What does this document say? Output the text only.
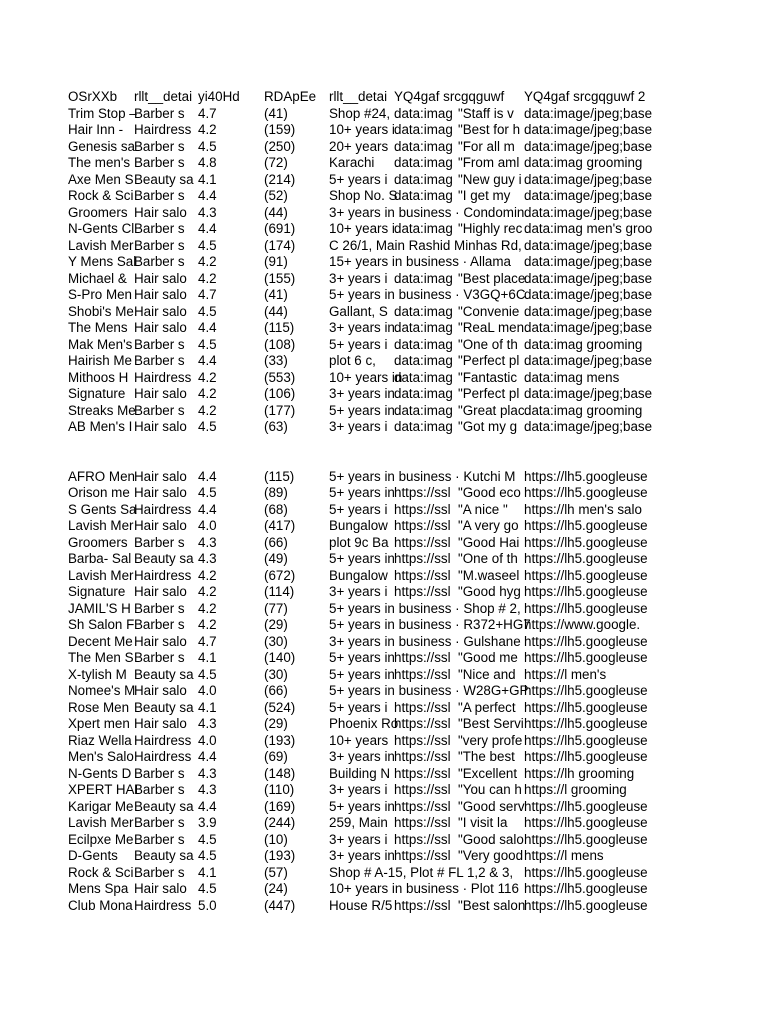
OSrXXb	rllt__detai yi40Hd	RDApEe rllt__detai YQ4gaf srcgqguwf YQ4gaf srcgqguwf 2
Trim Stop –
Barber s 4.7	(41)	Shop #24, data:imag "Staff is v data:image/jpeg;base
Hair Inn - Hairdress 4.2	(159)	10+ years i data:imag "Best for h data:image/jpeg;base
Genesis sa Barber s 4.5	(250)	20+ years data:imag "For all m data:image/jpeg;base
The men's Barber s 4.8	(72)	Karachi	data:imag "From aml data:imag grooming
Axe Men S Beauty sa 4.1	(214)	5+ years i data:imag "New guy i data:image/jpeg;base
Rock & Sci Barber s 4.4	(52)	Shop No. S
data:imag "I get my	data:image/jpeg;base
Groomers Hair salo 4.3	(44)	3+ years in business · Condomin data:image/jpeg;base
N-Gents Cl Barber s 4.4	(691)	10+ years i data:imag "Highly rec data:imag men's groo
Lavish Mer Barber s 4.5	(174)	C 26/1, Main Rashid Minhas Rd, data:image/jpeg;base
Y Mens Sal
Barber s 4.2	(91)	15+ years in business · Allama data:image/jpeg;base
Michael & Hair salo 4.2	(155)	3+ years i data:imag "Best place
data:image/jpeg;base
S-Pro Men Hair salo 4.7	(41)	5+ years in business · V3GQ+6C
data:image/jpeg;base
Shobi's Me Hair salo 4.5	(44)	Gallant, S data:imag "Convenie data:image/jpeg;base
The Mens Hair salo 4.4	(115)	3+ years in data:imag "ReaL men data:image/jpeg;base
Mak Men's Barber s 4.5	(108)	5+ years i data:imag "One of th data:imag grooming
Hairish Me Barber s 4.4	(33)	plot 6 c,	data:imag "Perfect pl data:image/jpeg;base
Mithoos H Hairdress 4.2	(553)	10+ years in
data:imag "Fantastic data:imag mens
Signature Hair salo 4.2	(106)	3+ years in data:imag "Perfect pl data:image/jpeg;base
Streaks Me
Barber s 4.2	(177)	5+ years in data:imag "Great plac data:imag grooming
AB Men's I Hair salo 4.5	(63)	3+ years i data:imag "Got my g data:image/jpeg;base
AFRO Men Hair salo 4.4	(115)	5+ years in business · Kutchi M https://lh5.googleuse
Orison me Hair salo 4.5	(89)	5+ years in https://ssl "Good eco https://lh5.googleuse
S Gents Sa
Hairdress 4.4	(68)	5+ years i https://ssl "A nice "	https://lh men's salo
Lavish Mer Hair salo 4.0	(417)	Bungalow https://ssl "A very go https://lh5.googleuse
Groomers Barber s 4.3	(66)	plot 9c Ba https://ssl "Good Hai https://lh5.googleuse
Barba- Sal Beauty sa 4.3	(49)	5+ years in https://ssl "One of th https://lh5.googleuse
Lavish Mer Hairdress 4.2	(672)	Bungalow https://ssl "M.waseel https://lh5.googleuse
Signature Hair salo 4.2	(114)	3+ years i https://ssl "Good hyg https://lh5.googleuse
JAMIL'S H Barber s 4.2	(77)	5+ years in business · Shop # 2, https://lh5.googleuse
Sh Salon F Barber s 4.2	(29)	5+ years in business · R372+HG7
https://www.google.
Decent Me Hair salo 4.7	(30)	3+ years in business · Gulshane https://lh5.googleuse
The Men S Barber s 4.1	(140)	5+ years in https://ssl "Good me https://lh5.googleuse
X-tylish M Beauty sa 4.5	(30)	5+ years in https://ssl "Nice and https://l men's
Nomee's M
Hair salo 4.0	(66)	5+ years in business · W28G+GP
https://lh5.googleuse
Rose Men Beauty sa 4.1	(524)	5+ years i https://ssl "A perfect https://lh5.googleuse
Xpert men Hair salo 4.3	(29)	Phoenix Ro
https://ssl "Best Servi https://lh5.googleuse
Riaz Wella Hairdress 4.0	(193)	10+ years https://ssl "very profe https://lh5.googleuse
Men's Salo Hairdress 4.4	(69)	3+ years in https://ssl "The best https://lh5.googleuse
N-Gents D Barber s 4.3	(148)	Building N https://ssl "Excellent https://lh grooming
XPERT HAI
Barber s 4.3	(110)	3+ years i https://ssl "You can h https://l grooming
Karigar Me Beauty sa 4.4	(169)	5+ years in https://ssl "Good serv https://lh5.googleuse
Lavish Mer Barber s 3.9	(244)	259, Main https://ssl "I visit la	https://lh5.googleuse
Ecilpxe Me Barber s 4.5	(10)	3+ years i https://ssl "Good salo https://lh5.googleuse
D-Gents	Beauty sa 4.5	(193)	3+ years in https://ssl "Very good https://l mens
Rock & Sci Barber s 4.1	(57)	Shop # A-15, Plot # FL 1,2 & 3, https://lh5.googleuse
Mens Spa Hair salo 4.5	(24)	10+ years in business · Plot 116 https://lh5.googleuse
Club Mona Hairdress 5.0	(447)	House R/5 https://ssl "Best salon
https://lh5.googleuse
